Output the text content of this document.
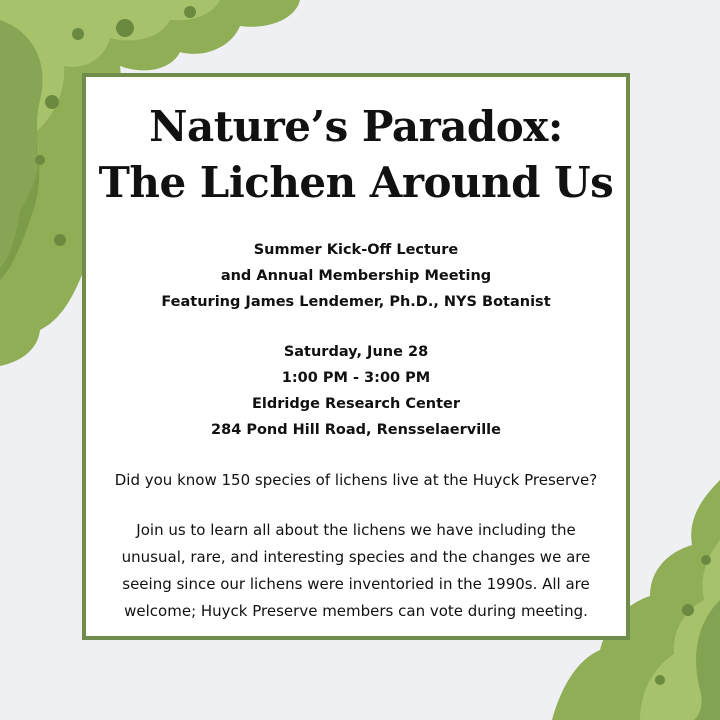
Nature’s Paradox:
The Lichen Around Us
Summer Kick-Off Lecture
and Annual Membership Meeting
Featuring James Lendemer, Ph.D., NYS Botanist
Saturday, June 28
1:00 PM - 3:00 PM
Eldridge Research Center
284 Pond Hill Road, Rensselaerville
Did you know 150 species of lichens live at the Huyck Preserve?
Join us to learn all about the lichens we have including the
unusual, rare, and interesting species and the changes we are
seeing since our lichens were inventoried in the 1990s. All are
welcome; Huyck Preserve members can vote during meeting.
